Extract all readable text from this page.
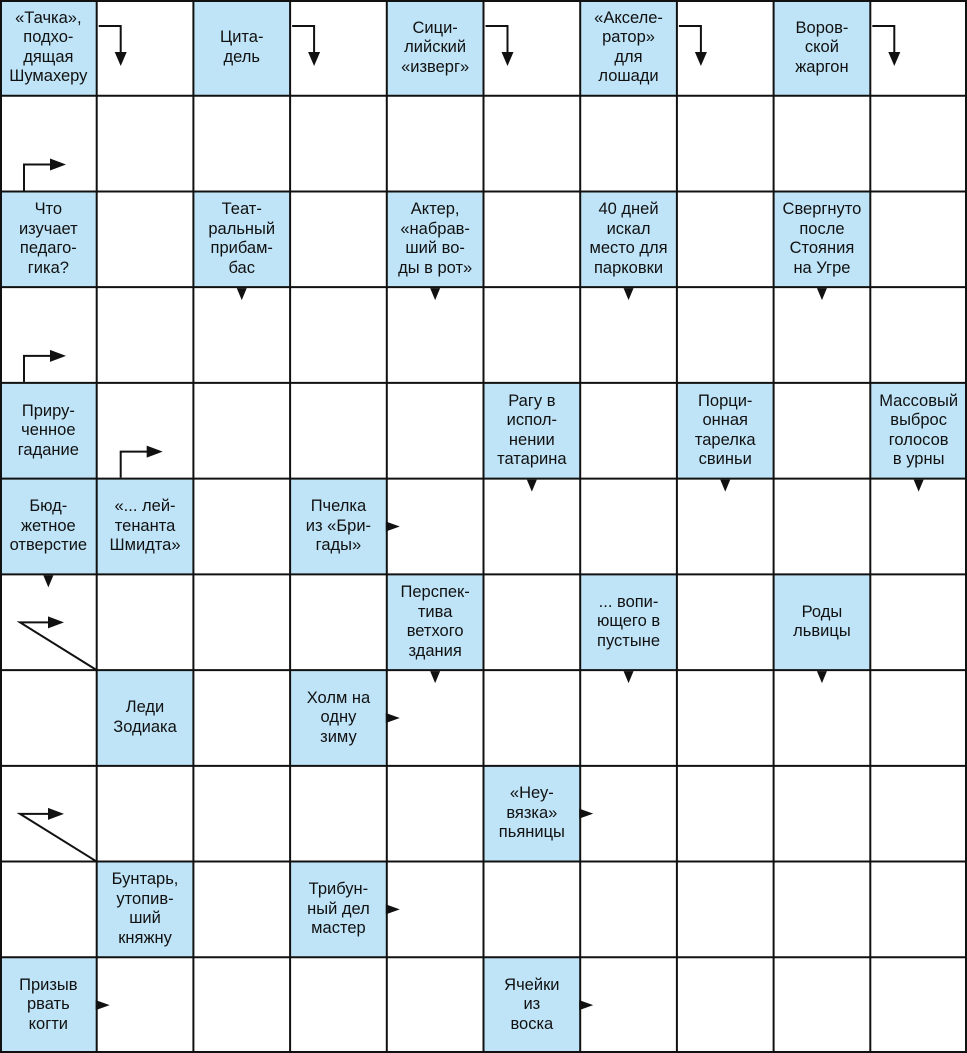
«Тачка»,
подхо-
дящая
Шумахеру
Цита-
дель
Сици-
лийский
«изверг»
«Акселе-
ратор»
для
лошади
Воров-
ской
жаргон
Что
изучает
педаго-
гика?
Теат-
ральный
прибам-
бас
Актер,
«набрав-
ший во-
ды в рот»
40 дней
искал
место для
парковки
Свергнуто
после
Стояния
на Угре
Приру-
ченное
гадание
Рагу в
испол-
нении
татарина
Порци-
онная
тарелка
свиньи
Массовый
выброс
голосов
в урны
Бюд-
жетное
отверстие
«... лей-
тенанта
Шмидта»
Пчелка
из «Бри-
гады»
Перспек-
тива
ветхого
здания
... вопи-
ющего в
пустыне
Роды
львицы
Леди
Зодиака
Холм на
одну
зиму
«Неу-
вязка»
пьяницы
Бунтарь,
утопив-
ший
княжну
Трибун-
ный дел
мастер
Призыв
рвать
когти
Ячейки
из
воска
